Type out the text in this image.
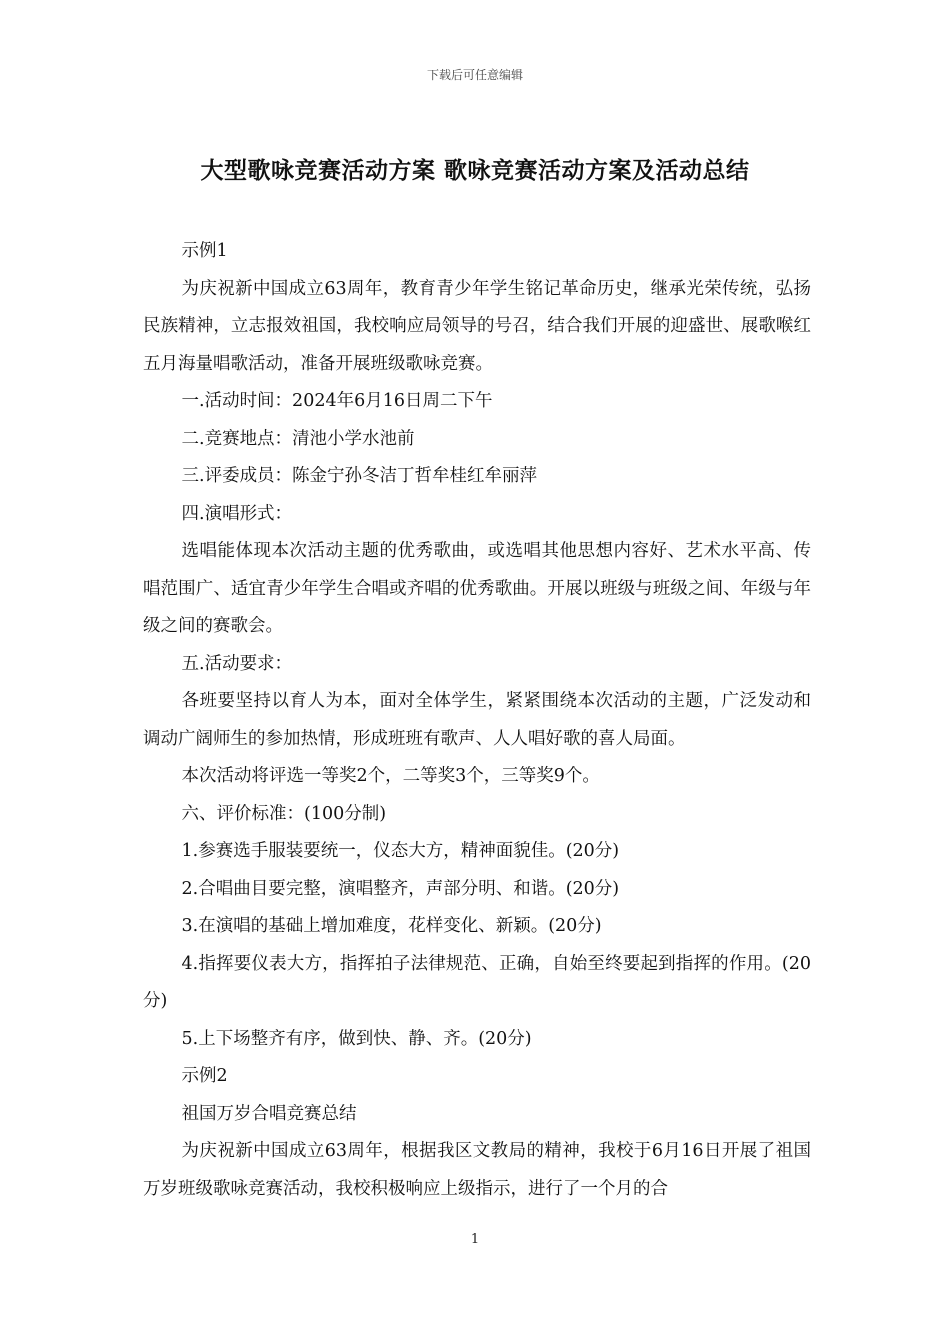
下载后可任意编辑
大型歌咏竞赛活动方案 歌咏竞赛活动方案及活动总结

示例1

为庆祝新中国成立63周年，教育青少年学生铭记革命历史，继承光荣传统，弘扬民族精神，立志报效祖国，我校响应局领导的号召，结合我们开展的迎盛世、展歌喉红五月海量唱歌活动，准备开展班级歌咏竞赛。

一.活动时间：2024年6月16日周二下午

二.竞赛地点：清池小学水池前

三.评委成员：陈金宁孙冬洁丁哲牟桂红牟丽萍

四.演唱形式：

选唱能体现本次活动主题的优秀歌曲，或选唱其他思想内容好、艺术水平高、传唱范围广、适宜青少年学生合唱或齐唱的优秀歌曲。开展以班级与班级之间、年级与年级之间的赛歌会。

五.活动要求：

各班要坚持以育人为本，面对全体学生，紧紧围绕本次活动的主题，广泛发动和调动广阔师生的参加热情，形成班班有歌声、人人唱好歌的喜人局面。

本次活动将评选一等奖2个，二等奖3个，三等奖9个。

六、评价标准：(100分制)

1.参赛选手服装要统一，仪态大方，精神面貌佳。(20分)

2.合唱曲目要完整，演唱整齐，声部分明、和谐。(20分)

3.在演唱的基础上增加难度，花样变化、新颖。(20分)

4.指挥要仪表大方，指挥拍子法律规范、正确，自始至终要起到指挥的作用。(20分)

5.上下场整齐有序，做到快、静、齐。(20分)

示例2

祖国万岁合唱竞赛总结

为庆祝新中国成立63周年，根据我区文教局的精神，我校于6月16日开展了祖国万岁班级歌咏竞赛活动，我校积极响应上级指示，进行了一个月的合

1
